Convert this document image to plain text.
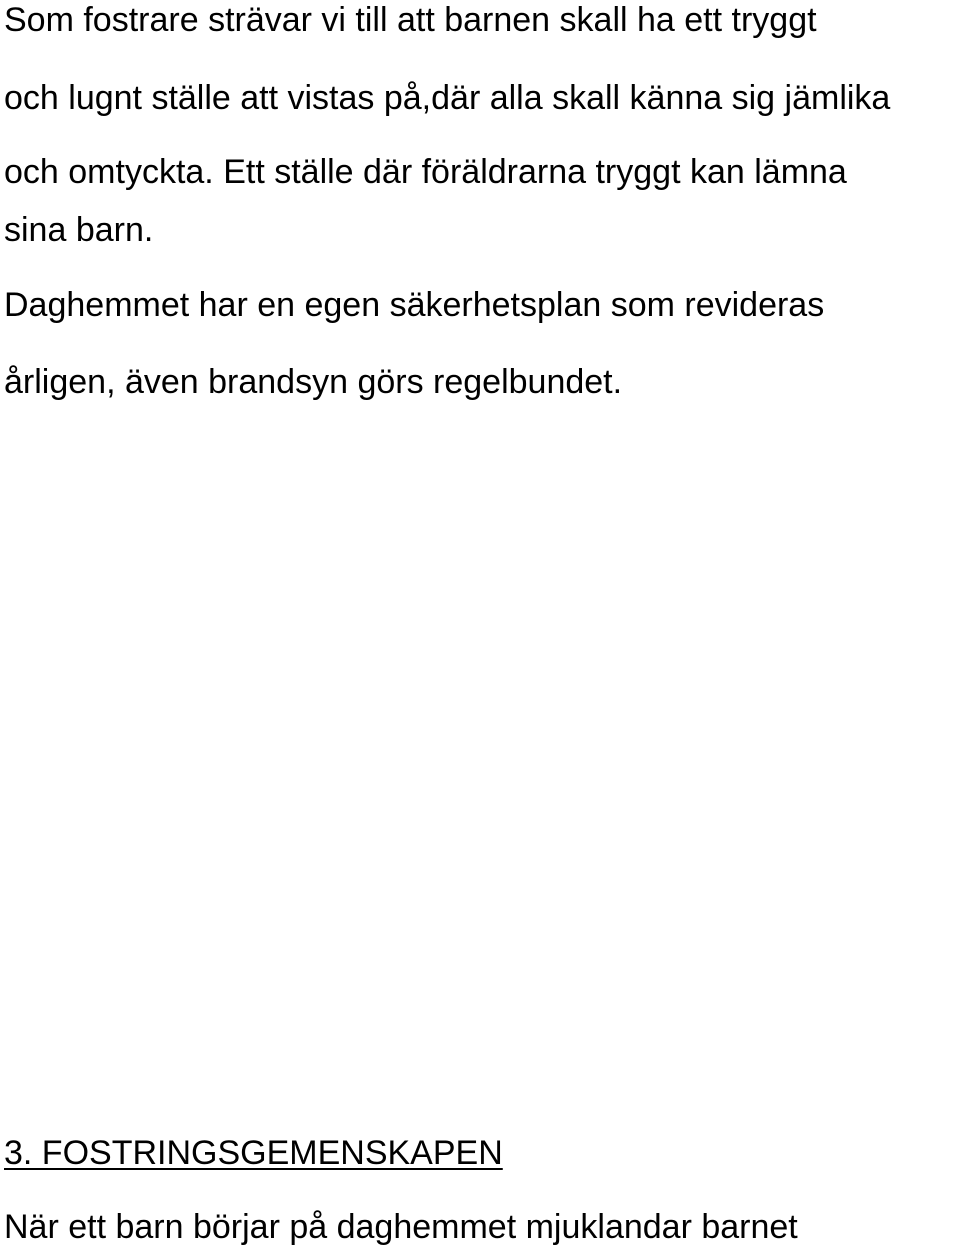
Som fostrare strävar vi till att barnen skall ha ett tryggt

och lugnt ställe att vistas på,där alla skall känna sig jämlika

och omtyckta. Ett ställe där föräldrarna tryggt kan lämna

sina barn.

Daghemmet har en egen säkerhetsplan som revideras

årligen, även brandsyn görs regelbundet.

3. FOSTRINGSGEMENSKAPEN

När ett barn börjar på daghemmet mjuklandar barnet
